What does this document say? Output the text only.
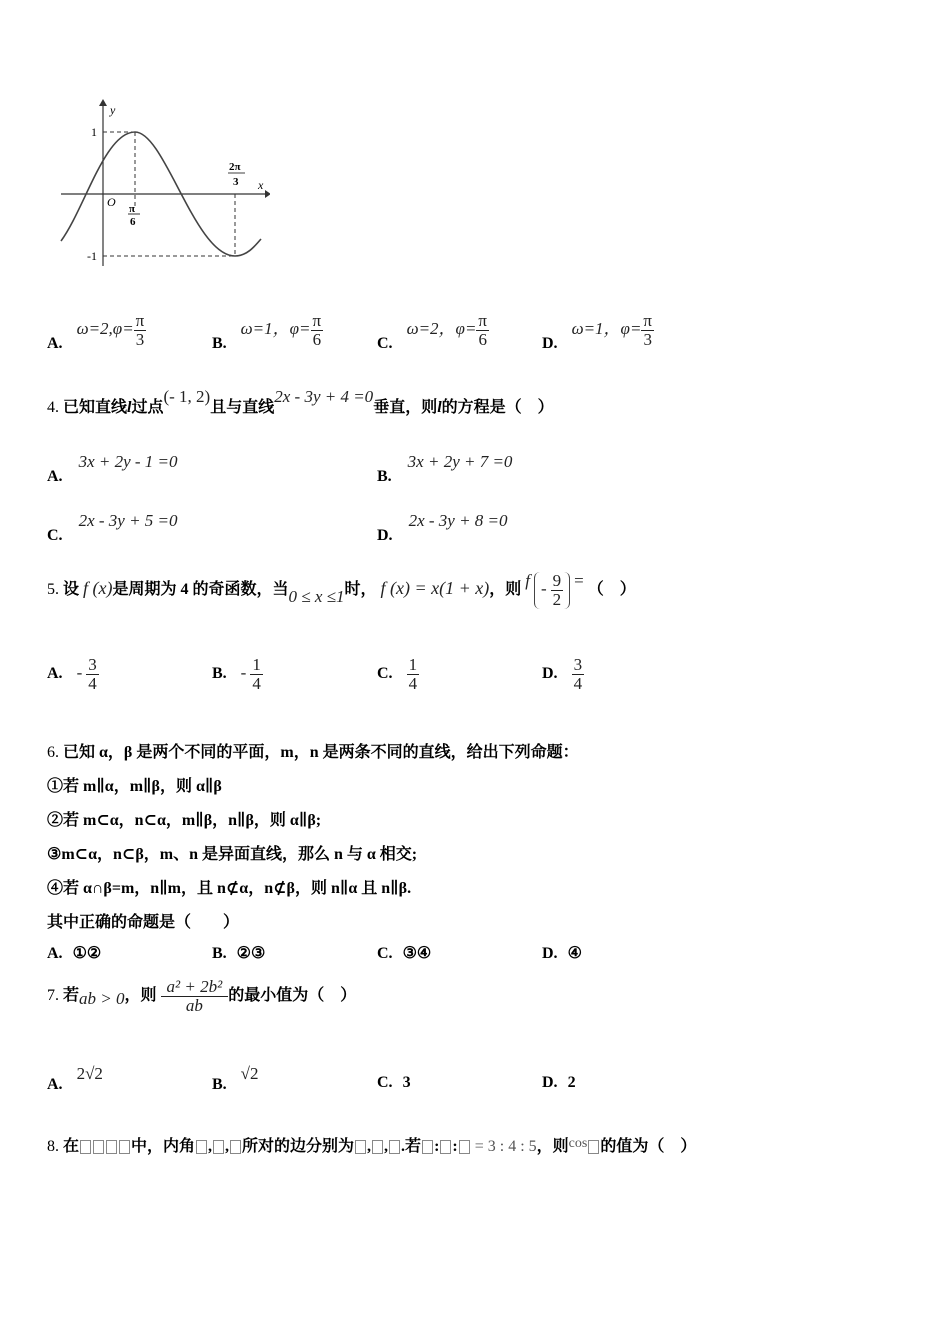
y
x
O
1
-1
π
6
2π
3
A. $\omega=2,\varphi= \frac{\pi}{3}$	B. ω=1，$\varphi= \frac{\pi}{6}$	C. ω=2，$\varphi= \frac{\pi}{6}$	D. ω=1，$\varphi= \frac{\pi}{3}$
4. 已知直线l过点(- 1, 2)且与直线2x - 3y + 4 =0垂直，则l的方程是（　）
A. 3x + 2y - 1 =0
B. 3x + 2y + 7 =0
C. 2x - 3y + 5 =0
D. 2x - 3y + 8 =0
5. 设 f (x)是周期为 4 的奇函数，当0 ≤ x ≤1时， f (x) = x(1 + x)，则 f - $\frac{9}{2}$ = （　）
A. - $\frac{3}{4}$	B. - $\frac{1}{4}$	C. $\frac{1}{4}$	D. $\frac{3}{4}$
6. 已知 α，β 是两个不同的平面，m，n 是两条不同的直线，给出下列命题：
①若 m∥α，m∥β，则 α∥β
②若 m⊂α，n⊂α，m∥β，n∥β，则 α∥β;
③m⊂α，n⊂β，m、n 是异面直线，那么 n 与 α 相交;
④若 α∩β=m，n∥m，且 n⊄α，n⊄β，则 n∥α 且 n∥β.
其中正确的命题是（　　）
A. ①②	B. ②③	C. ③④	D. ④
7. 若ab > 0，则 $\frac{\text{a² + 2b²}}{ab}$ 的最小值为（　）
A. 2√2
B. √2	C. 3	D. 2
8. 在	中，内角 , , 所对的边分别为 , , .若 : : = 3 : 4 : 5，则cos 的值为（　）
